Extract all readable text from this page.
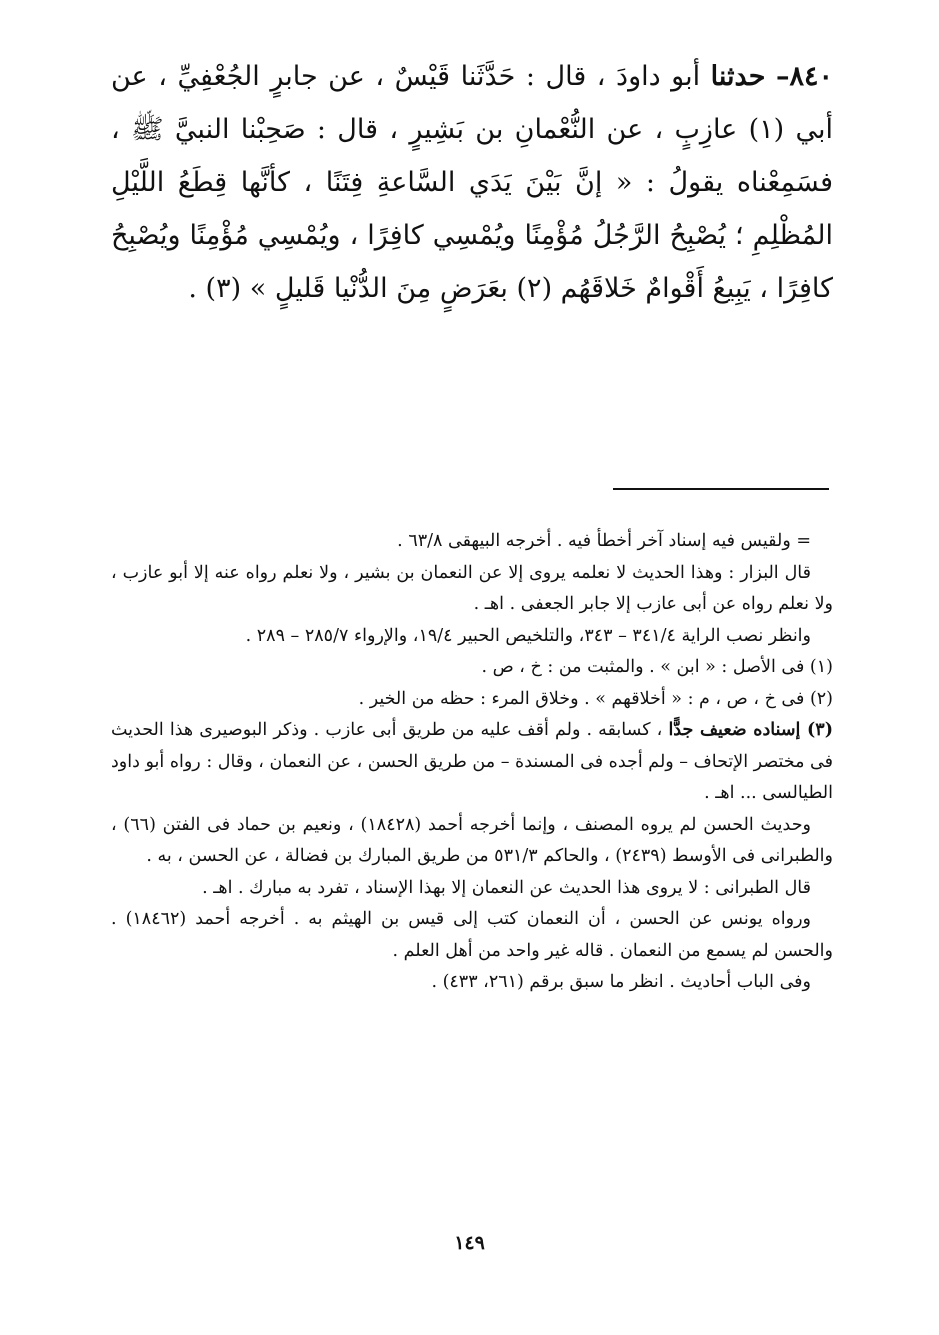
٨٤٠– حدثنا أبو داودَ ، قال : حَدَّثَنا قَيْسٌ ، عن جابرٍ الجُعْفِيِّ ، عن أبي (١) عازِبٍ ، عن النُّعْمانِ بن بَشِيرٍ ، قال : صَحِبْنا النبيَّ ﷺ ، فسَمِعْناه يقولُ : « إنَّ بَيْنَ يَدَي السَّاعةِ فِتَنًا ، كأنَّها قِطَعُ اللَّيْلِ المُظْلِمِ ؛ يُصْبِحُ الرَّجُلُ مُؤْمِنًا ويُمْسِي كافِرًا ، ويُمْسِي مُؤْمِنًا ويُصْبِحُ كافِرًا ، يَبِيعُ أَقْوامٌ خَلاقَهُم (٢) بعَرَضٍ مِنَ الدُّنْيا قَليلٍ » (٣) .

= ولقيس فيه إسناد آخر أخطأ فيه . أخرجه البيهقى ٦٣/٨ .

قال البزار : وهذا الحديث لا نعلمه يروى إلا عن النعمان بن بشير ، ولا نعلم رواه عنه إلا أبو عازب ، ولا نعلم رواه عن أبى عازب إلا جابر الجعفى . اهـ .

وانظر نصب الراية ٣٤١/٤ – ٣٤٣، والتلخيص الحبير ١٩/٤، والإرواء ٢٨٥/٧ – ٢٨٩ .

(١) فى الأصل : « ابن » . والمثبت من : خ ، ص .

(٢) فى خ ، ص ، م : « أخلاقهم » . وخلاق المرء : حظه من الخير .

(٣) إسناده ضعيف جدًّا ، كسابقه . ولم أقف عليه من طريق أبى عازب . وذكر البوصيرى هذا الحديث فى مختصر الإتحاف – ولم أجده فى المسندة – من طريق الحسن ، عن النعمان ، وقال : رواه أبو داود الطيالسى ... اهـ .

وحديث الحسن لم يروه المصنف ، وإنما أخرجه أحمد (١٨٤٢٨) ، ونعيم بن حماد فى الفتن (٦٦) ، والطبرانى فى الأوسط (٢٤٣٩) ، والحاكم ٥٣١/٣ من طريق المبارك بن فضالة ، عن الحسن ، به .

قال الطبرانى : لا يروى هذا الحديث عن النعمان إلا بهذا الإسناد ، تفرد به مبارك . اهـ .

ورواه يونس عن الحسن ، أن النعمان كتب إلى قيس بن الهيثم به . أخرجه أحمد (١٨٤٦٢) . والحسن لم يسمع من النعمان . قاله غير واحد من أهل العلم .

وفى الباب أحاديث . انظر ما سبق برقم (٢٦١، ٤٣٣) .

١٤٩
